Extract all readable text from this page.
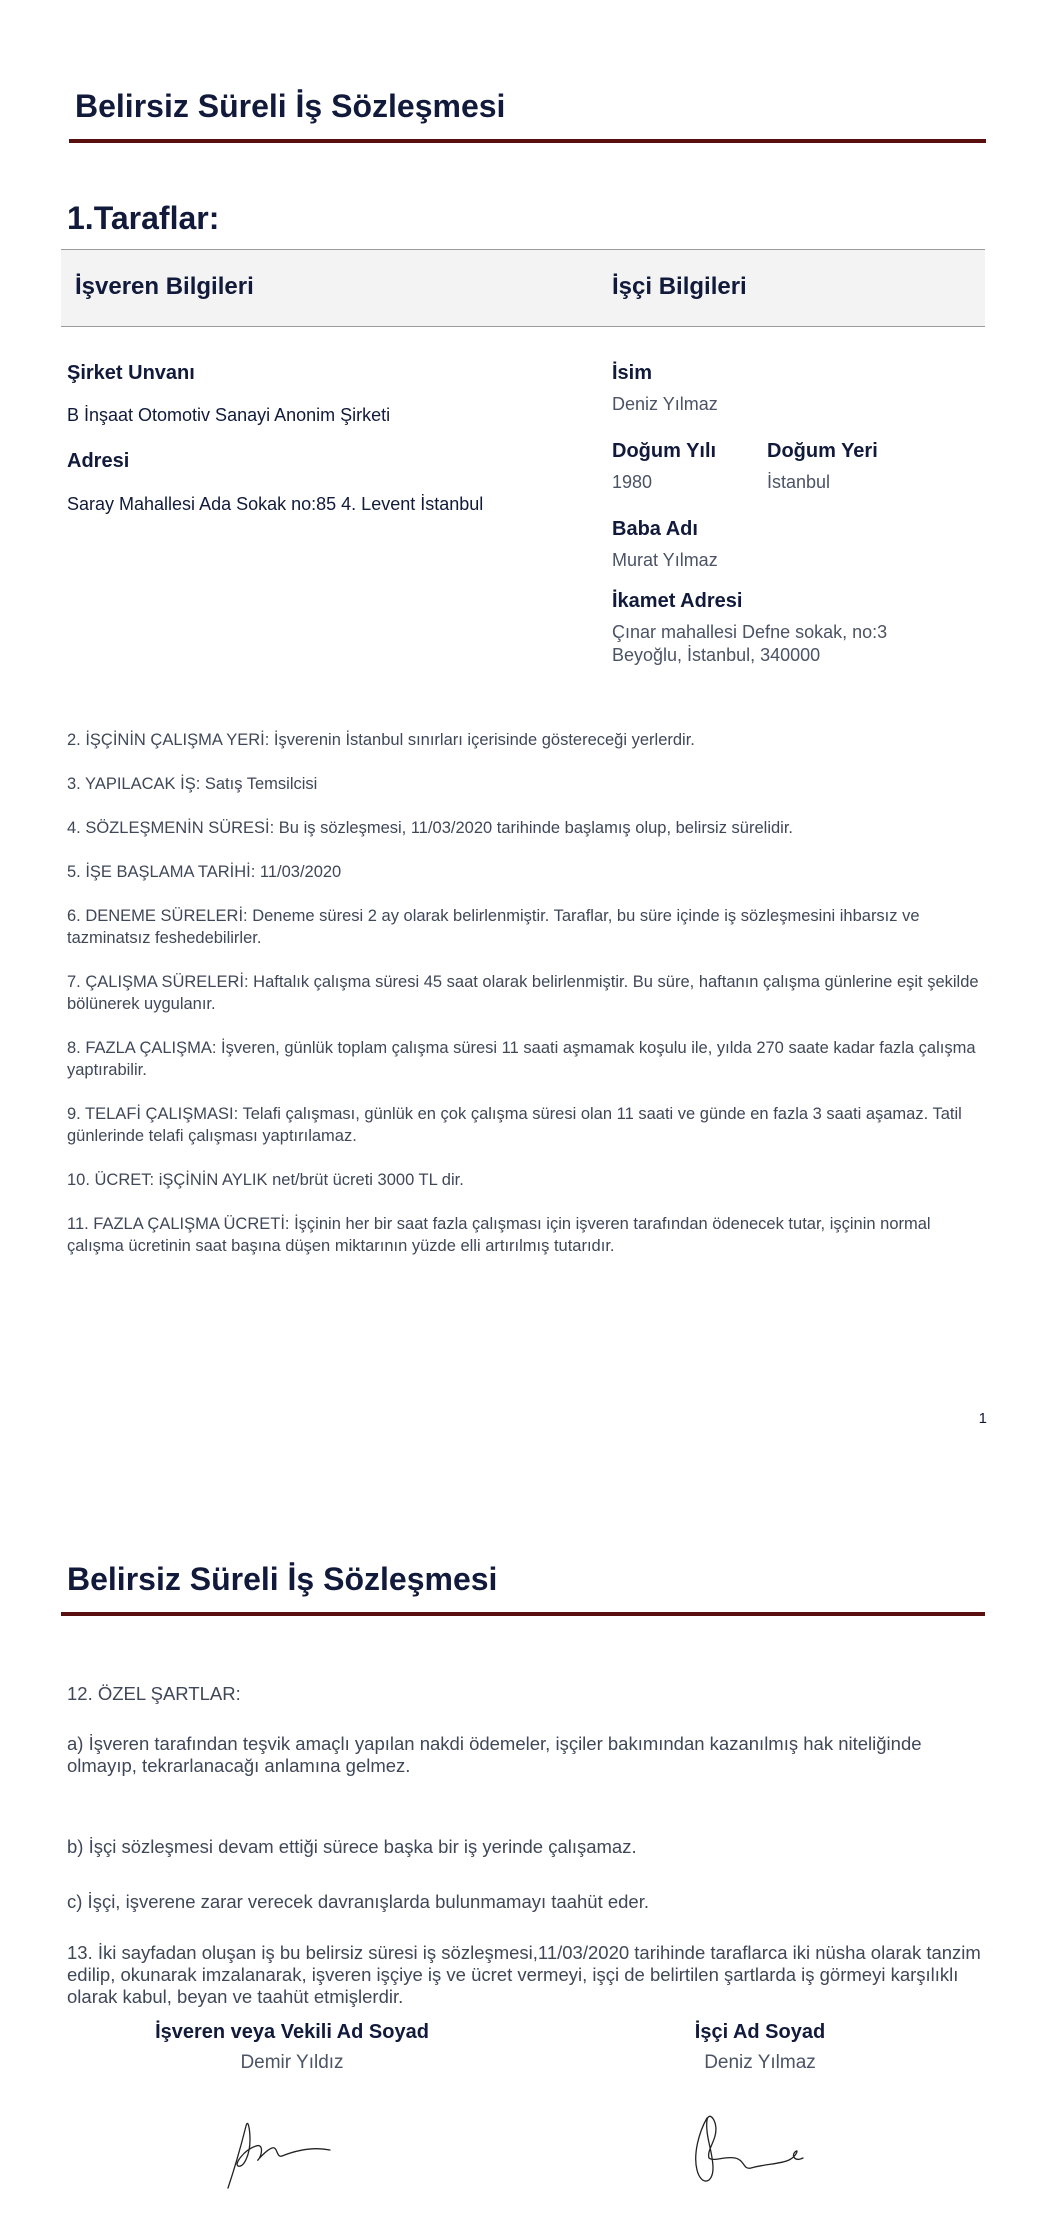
Belirsiz Süreli İş Sözleşmesi
1.Taraflar:
İşveren Bilgileri	İşçi Bilgileri
Şirket Unvanı
B İnşaat Otomotiv Sanayi Anonim Şirketi
Adresi
Saray Mahallesi Ada Sokak no:85 4. Levent İstanbul
İsim
Deniz Yılmaz
Doğum Yılı
1980
Doğum Yeri
İstanbul
Baba Adı
Murat Yılmaz
İkamet Adresi
Çınar mahallesi Defne sokak, no:3
Beyoğlu, İstanbul, 340000

2. İŞÇİNİN ÇALIŞMA YERİ: İşverenin İstanbul sınırları içerisinde göstereceği yerlerdir.

3. YAPILACAK İŞ: Satış Temsilcisi

4. SÖZLEŞMENİN SÜRESİ: Bu iş sözleşmesi, 11/03/2020 tarihinde başlamış olup, belirsiz sürelidir.

5. İŞE BAŞLAMA TARİHİ: 11/03/2020

6. DENEME SÜRELERİ: Deneme süresi 2 ay olarak belirlenmiştir. Taraflar, bu süre içinde iş sözleşmesini ihbarsız ve tazminatsız feshedebilirler.

7. ÇALIŞMA SÜRELERİ: Haftalık çalışma süresi 45 saat olarak belirlenmiştir. Bu süre, haftanın çalışma günlerine eşit şekilde bölünerek uygulanır.

8. FAZLA ÇALIŞMA: İşveren, günlük toplam çalışma süresi 11 saati aşmamak koşulu ile, yılda 270 saate kadar fazla çalışma yaptırabilir.

9. TELAFİ ÇALIŞMASI: Telafi çalışması, günlük en çok çalışma süresi olan 11 saati ve günde en fazla 3 saati aşamaz. Tatil günlerinde telafi çalışması yaptırılamaz.

10. ÜCRET: iŞÇİNİN AYLIK net/brüt ücreti 3000 TL dir.

11. FAZLA ÇALIŞMA ÜCRETİ: İşçinin her bir saat fazla çalışması için işveren tarafından ödenecek tutar, işçinin normal çalışma ücretinin saat başına düşen miktarının yüzde elli artırılmış tutarıdır.

1
Belirsiz Süreli İş Sözleşmesi
12. ÖZEL ŞARTLAR:
a) İşveren tarafından teşvik amaçlı yapılan nakdi ödemeler, işçiler bakımından kazanılmış hak niteliğinde olmayıp, tekrarlanacağı anlamına gelmez.
b) İşçi sözleşmesi devam ettiği sürece başka bir iş yerinde çalışamaz.
c) İşçi, işverene zarar verecek davranışlarda bulunmamayı taahüt eder.
13. İki sayfadan oluşan iş bu belirsiz süresi iş sözleşmesi,11/03/2020 tarihinde taraflarca iki nüsha olarak tanzim edilip, okunarak imzalanarak, işveren işçiye iş ve ücret vermeyi, işçi de belirtilen şartlarda iş görmeyi karşılıklı olarak kabul, beyan ve taahüt etmişlerdir.
İşveren veya Vekili Ad Soyad
Demir Yıldız
İşçi Ad Soyad
Deniz Yılmaz
